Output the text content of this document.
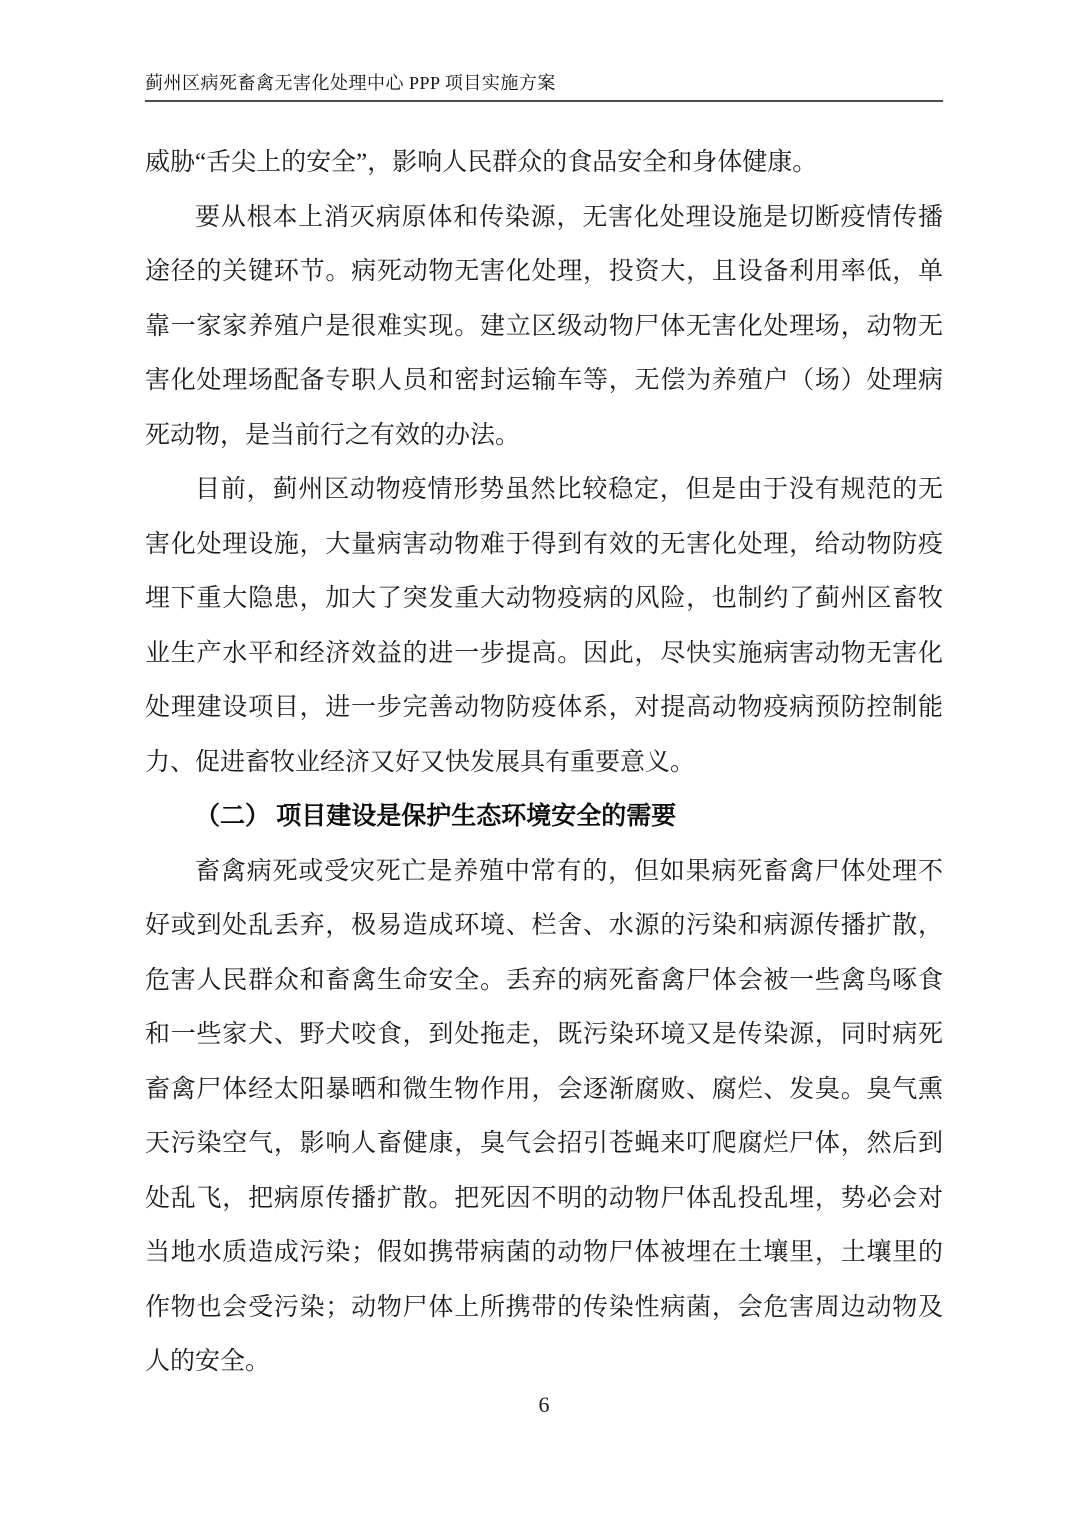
蓟州区病死畜禽无害化处理中心 PPP 项目实施方案

威胁“舌尖上的安全”，影响人民群众的食品安全和身体健康。

要从根本上消灭病原体和传染源，无害化处理设施是切断疫情传播途径的关键环节。病死动物无害化处理，投资大，且设备利用率低，单靠一家家养殖户是很难实现。建立区级动物尸体无害化处理场，动物无害化处理场配备专职人员和密封运输车等，无偿为养殖户（场）处理病死动物，是当前行之有效的办法。

目前，蓟州区动物疫情形势虽然比较稳定，但是由于没有规范的无害化处理设施，大量病害动物难于得到有效的无害化处理，给动物防疫埋下重大隐患，加大了突发重大动物疫病的风险，也制约了蓟州区畜牧业生产水平和经济效益的进一步提高。因此，尽快实施病害动物无害化处理建设项目，进一步完善动物防疫体系，对提高动物疫病预防控制能力、促进畜牧业经济又好又快发展具有重要意义。

（二） 项目建设是保护生态环境安全的需要

畜禽病死或受灾死亡是养殖中常有的，但如果病死畜禽尸体处理不好或到处乱丢弃，极易造成环境、栏舍、水源的污染和病源传播扩散，危害人民群众和畜禽生命安全。丢弃的病死畜禽尸体会被一些禽鸟啄食和一些家犬、野犬咬食，到处拖走，既污染环境又是传染源，同时病死畜禽尸体经太阳暴晒和微生物作用，会逐渐腐败、腐烂、发臭。臭气熏天污染空气，影响人畜健康，臭气会招引苍蝇来叮爬腐烂尸体，然后到处乱飞，把病原传播扩散。把死因不明的动物尸体乱投乱埋，势必会对当地水质造成污染；假如携带病菌的动物尸体被埋在土壤里，土壤里的作物也会受污染；动物尸体上所携带的传染性病菌，会危害周边动物及人的安全。

6
